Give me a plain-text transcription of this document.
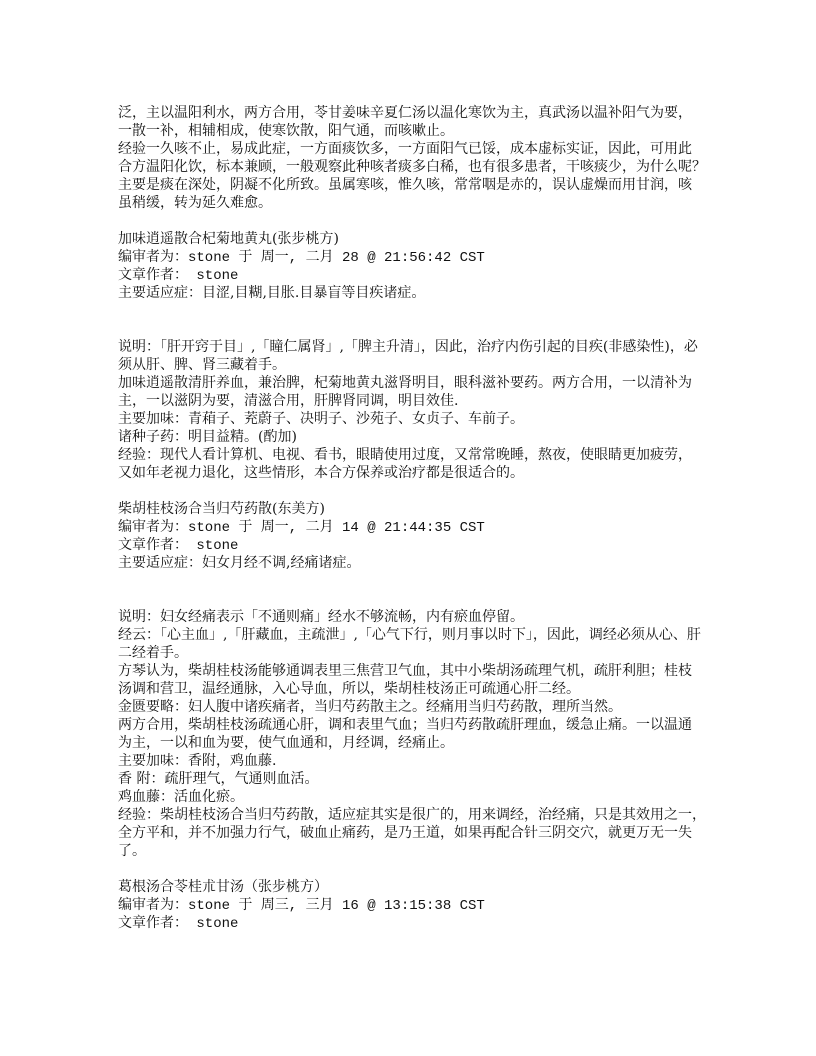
泛，主以温阳利水，两方合用，苓甘姜味辛夏仁汤以温化寒饮为主，真武汤以温补阳气为要，
一散一补，相辅相成，使寒饮散，阳气通，而咳嗽止。
经验一久咳不止，易成此症，一方面痰饮多，一方面阳气已馁，成本虚标实证，因此，可用此
合方温阳化饮，标本兼顾，一般观察此种咳者痰多白稀，也有很多患者，干咳痰少，为什么呢？
主要是痰在深处，阴凝不化所致。虽属寒咳，惟久咳，常常咽是赤的，误认虚燥而用甘润，咳
虽稍缓，转为延久难愈。
加味逍遥散合杞菊地黄丸(张步桃方)
编审者为：stone 于 周一, 二月 28 @ 21:56:42 CST
文章作者： stone
主要适应症：目涩,目糊,目胀.目暴盲等目疾诸症。
说明：「肝开窍于目」,「瞳仁属肾」,「脾主升清」，因此，治疗内伤引起的目疾(非感染性)，必
须从肝、脾、肾三藏着手。
加味逍遥散清肝养血，兼治脾，杞菊地黄丸滋肾明目，眼科滋补要药。两方合用，一以清补为
主，一以滋阴为要，清滋合用，肝脾肾同调，明目效佳.
主要加味：青葙子、茺蔚子、决明子、沙苑子、女贞子、车前子。
诸种子药：明目益精。(酌加)
经验：现代人看计算机、电视、看书，眼睛使用过度，又常常晚睡，熬夜，使眼睛更加疲劳，
又如年老视力退化，这些情形，本合方保养或治疗都是很适合的。
柴胡桂枝汤合当归芍药散(东美方)
编审者为：stone 于 周一, 二月 14 @ 21:44:35 CST
文章作者： stone
主要适应症：妇女月经不调,经痛诸症。
说明：妇女经痛表示「不通则痛」经水不够流畅，内有瘀血停留。
经云：「心主血」,「肝藏血，主疏泄」,「心气下行，则月事以时下」，因此，调经必须从心、肝
二经着手。
方琴认为，柴胡桂枝汤能够通调表里三焦营卫气血，其中小柴胡汤疏理气机，疏肝利胆；桂枝
汤调和营卫，温经通脉，入心导血，所以，柴胡桂枝汤正可疏通心肝二经。
金匮要略：妇人腹中诸疾痛者，当归芍药散主之。经痛用当归芍药散，理所当然。
两方合用，柴胡桂枝汤疏通心肝，调和表里气血；当归芍药散疏肝理血，缓急止痛。一以温通
为主，一以和血为要，使气血通和，月经调，经痛止。
主要加味：香附，鸡血藤.
香 附：疏肝理气，气通则血活。
鸡血藤：活血化瘀。
经验：柴胡桂枝汤合当归芍药散，适应症其实是很广的，用来调经，治经痛，只是其效用之一，
全方平和，并不加强力行气，破血止痛药，是乃王道，如果再配合针三阴交穴，就更万无一失
了。
葛根汤合苓桂朮甘汤（张步桃方）
编审者为：stone 于 周三, 三月 16 @ 13:15:38 CST
文章作者： stone
